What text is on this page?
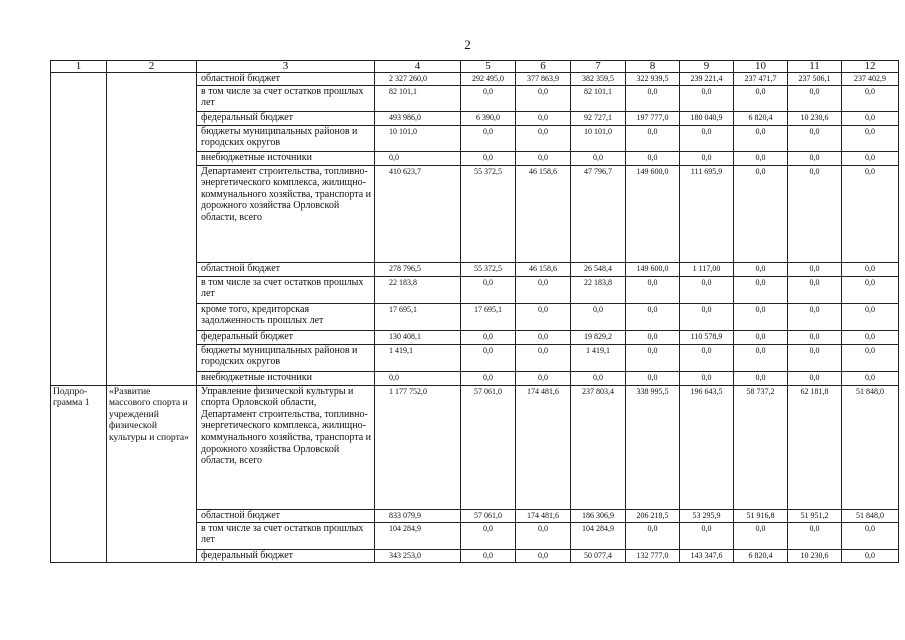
2
1	2	3	4	5	6	7	8	9	10	11	12
		областной бюджет	2 327 260,0	292 495,0	377 863,9	382 359,5	322 939,5	239 221,4	237 471,7	237 506,1	237 402,9
		в том числе за счет остатков прошлых лет	82 101,1	0,0	0,0	82 101,1	0,0	0,0	0,0	0,0	0,0
		федеральный бюджет	493 986,0	6 390,0	0,0	92 727,1	197 777,0	180 040,9	6 820,4	10 230,6	0,0
		бюджеты муниципальных районов и городских округов	10 101,0	0,0	0,0	10 101,0	0,0	0,0	0,0	0,0	0,0
		внебюджетные источники	0,0	0,0	0,0	0,0	0,0	0,0	0,0	0,0	0,0
		Департамент строительства, топливно-энергетического комплекса, жилищно-коммунального хозяйства, транспорта и дорожного хозяйства Орловской области, всего	410 623,7	55 372,5	46 158,6	47 796,7	149 600,0	111 695,9	0,0	0,0	0,0
		областной бюджет	278 796,5	55 372,5	46 158,6	26 548,4	149 600,0	1 117,00	0,0	0,0	0,0
		в том числе за счет остатков прошлых лет	22 183,8	0,0	0,0	22 183,8	0,0	0,0	0,0	0,0	0,0
		кроме того, кредиторская задолженность прошлых лет	17 695,1	17 695,1	0,0	0,0	0,0	0,0	0,0	0,0	0,0
		федеральный бюджет	130 408,1	0,0	0,0	19 829,2	0,0	110 578,9	0,0	0,0	0,0
		бюджеты муниципальных районов и городских округов	1 419,1	0,0	0,0	1 419,1	0,0	0,0	0,0	0,0	0,0
		внебюджетные источники	0,0	0,0	0,0	0,0	0,0	0,0	0,0	0,0	0,0
Подпро-грамма 1	«Развитие массового спорта и учреждений физической культуры и спорта»	Управление физической культуры и спорта Орловской области, Департамент строительства, топливно-энергетического комплекса, жилищно-коммунального хозяйства, транспорта и дорожного хозяйства Орловской области, всего	1 177 752,0	57 061,0	174 481,6	237 803,4	338 995,5	196 643,5	58 737,2	62 181,8	51 848,0
		областной бюджет	833 079,9	57 061,0	174 481,6	186 306,9	206 218,5	53 295,9	51 916,8	51 951,2	51 848,0
		в том числе за счет остатков прошлых лет	104 284,9	0,0	0,0	104 284,9	0,0	0,0	0,0	0,0	0,0
		федеральный бюджет	343 253,0	0,0	0,0	50 077,4	132 777,0	143 347,6	6 820,4	10 230,6	0,0
